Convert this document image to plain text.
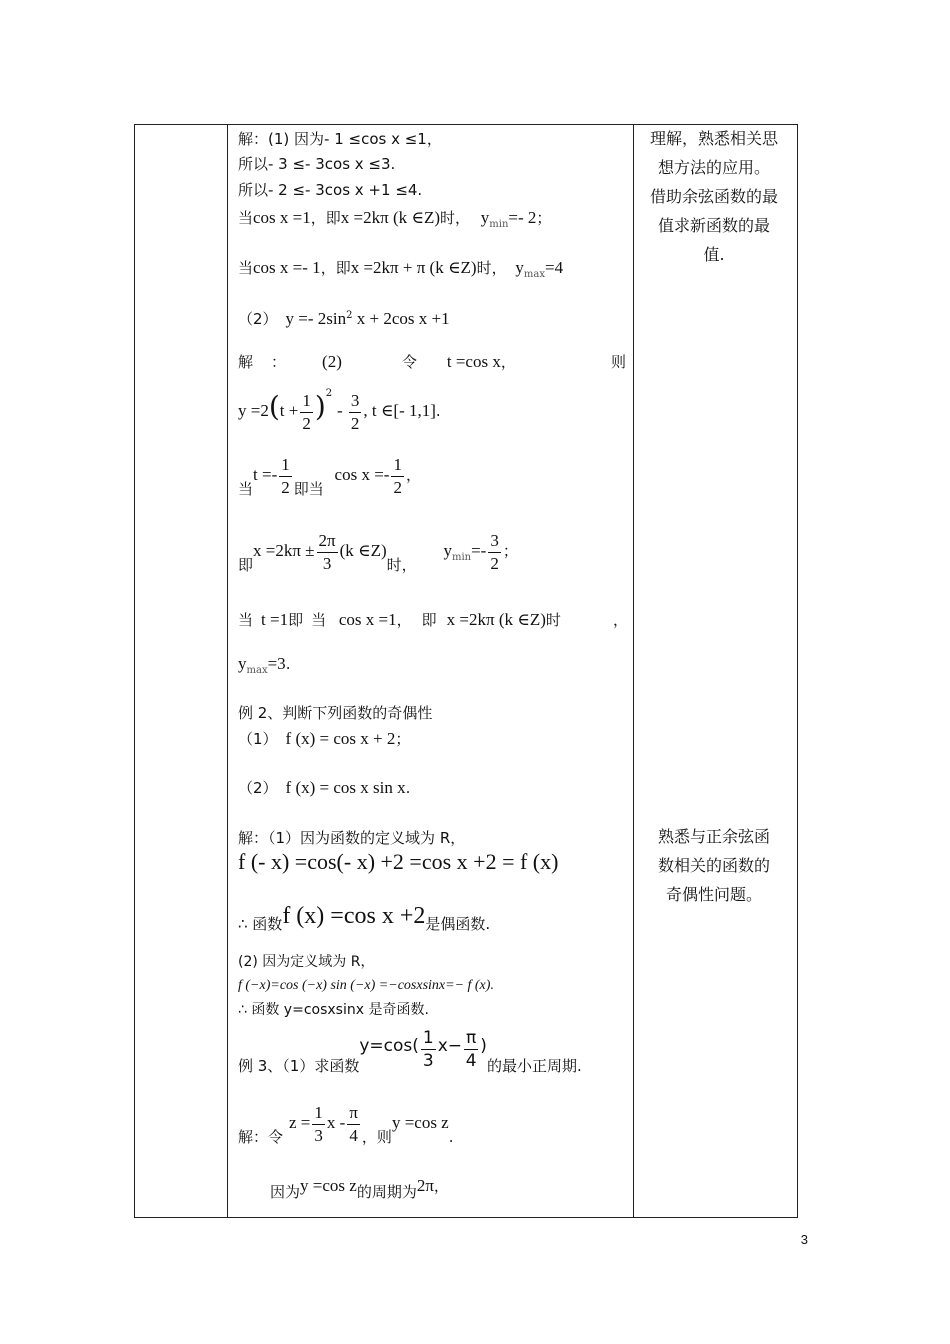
解：(1) 因为- 1 ≤cos x ≤1，
所以- 3 ≤- 3cos x ≤3.
所以- 2 ≤- 3cos x +1 ≤4.
当cos x =1，即x =2kπ (k ∈Z)时， $y_{min}=-$ 2；
当cos x =- 1，即x =2kπ + π (k ∈Z)时， $y_{max}=4$
（2） $y =- 2\sin^2$ x + 2cos x +1
解 ： (2)	令 t =cos x，	则
$y =2(t + \frac{1}{2} )^2 - \frac{3}{2}$ , t ∈[- 1,1].
当$t =- \frac{1}{2}$ 即当 $\cos x =- \frac{1}{2}$ ，
即$x =2k\pi \pm \frac{2\pi}{3} (k$ ∈Z)时， $y_{min}=- \frac{3}{2}$ ；
当 t =1即 当 cos x =1， 即 x =2kπ (k ∈Z)时	，
$y_{max}=3$.
例 2、判断下列函数的奇偶性
（1） f (x) = cos x + 2；
（2） f (x) = cos x sin x.
解：（1）因为函数的定义域为 R，
f (- x) =cos(- x) +2 =cos x +2 = f (x)
∴ 函数f (x) =cos x +2是偶函数.
(2) 因为定义域为 R，
f (−x)=cos (−x) sin (−x) =−cosxsinx=− f (x).
∴ 函数 y=cosxsinx 是奇函数.
例 3、（1）求函数$y=\cos( \frac{1}{3} x- \frac{\pi}{4}$ )的最小正周期.
解：令$z = \frac{1}{3}$ x - $\frac{\pi}{4}$ ，则y =cos z.
因为y =cos z的周期为2π，
理解，熟悉相关思
想方法的应用。
借助余弦函数的最
值求新函数的最
值.
熟悉与正余弦函
数相关的函数的
奇偶性问题。
3
